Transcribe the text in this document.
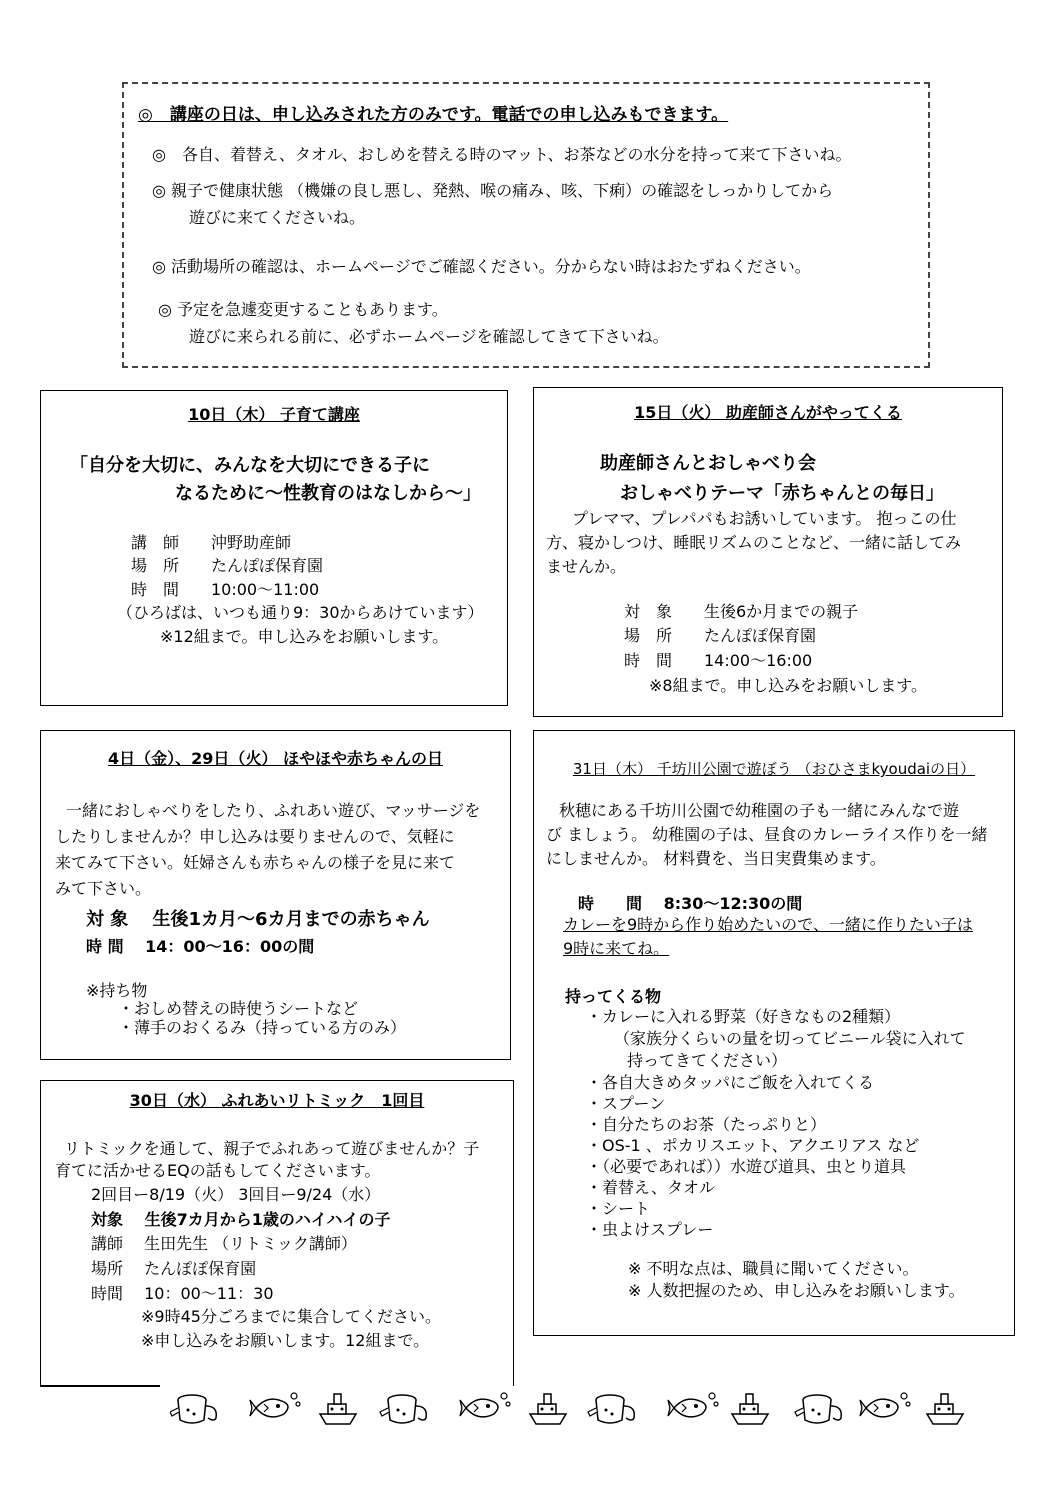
◎　講座の日は、申し込みされた方のみです。電話での申し込みもできます。
◎　各自、着替え、タオル、おしめを替える時のマット、お茶などの水分を持って来て下さいね。
◎ 親子で健康状態 （機嫌の良し悪し、発熱、喉の痛み、咳、下痢）の確認をしっかりしてから
遊びに来てくださいね。
◎ 活動場所の確認は、ホームページでご確認ください。分からない時はおたずねください。
◎ 予定を急遽変更することもあります。
遊びに来られる前に、必ずホームページを確認してきて下さいね。
10日（木） 子育て講座
「自分を大切に、みんなを大切にできる子に
なるために～性教育のはなしから～」
講　師　　沖野助産師
場　所　　たんぽぽ保育園
時　間　　10:00～11:00
（ひろばは、いつも通り9：30からあけています）
※12組まで。申し込みをお願いします。
15日（火） 助産師さんがやってくる
助産師さんとおしゃべり会
おしゃべりテーマ「赤ちゃんとの毎日」
プレママ、プレパパもお誘いしています。 抱っこの仕
方、寝かしつけ、睡眠リズムのことなど、一緒に話してみ
ませんか。
対　象　　生後6か月までの親子
場　所　　たんぽぽ保育園
時　間　　14:00～16:00
※8組まで。申し込みをお願いします。
4日（金）、29日（火） ほやほや赤ちゃんの日
一緒におしゃべりをしたり、ふれあい遊び、マッサージを
したりしませんか？申し込みは要りませんので、気軽に
来てみて下さい。妊婦さんも赤ちゃんの様子を見に来て
みて下さい。
対 象　 生後1カ月～6カ月までの赤ちゃん
時 間　 14：00～16：00の間
※持ち物
・おしめ替えの時使うシートなど
・薄手のおくるみ（持っている方のみ）
30日（水） ふれあいリトミック　1回目
リトミックを通して、親子でふれあって遊びませんか？子
育てに活かせるEQの話もしてくださいます。
2回目ー8/19（火） 3回目ー9/24（水）
対象　 生後7カ月から1歳のハイハイの子
講師　 生田先生 （リトミック講師）
場所　 たんぽぽ保育園
時間　 10：00～11：30
※9時45分ごろまでに集合してください。
※申し込みをお願いします。12組まで。
31日（木） 千坊川公園で遊ぼう （おひさまkyoudaiの日）
秋穂にある千坊川公園で幼稚園の子も一緒にみんなで遊
び ましょう。 幼稚園の子は、昼食のカレーライス作りを一緒
にしませんか。 材料費を、当日実費集めます。
時　　間　 8:30～12:30の間
カレーを9時から作り始めたいので、一緒に作りたい子は
9時に来てね。
持ってくる物
・カレーに入れる野菜（好きなもの2種類）
（家族分くらいの量を切ってビニール袋に入れて
持ってきてください）
・各自大きめタッパにご飯を入れてくる
・スプーン
・自分たちのお茶（たっぷりと）
・OS-1 、ポカリスエット、アクエリアス など
・（必要であれば））水遊び道具、虫とり道具
・着替え、タオル
・シート
・虫よけスプレー
※ 不明な点は、職員に聞いてください。
※ 人数把握のため、申し込みをお願いします。
